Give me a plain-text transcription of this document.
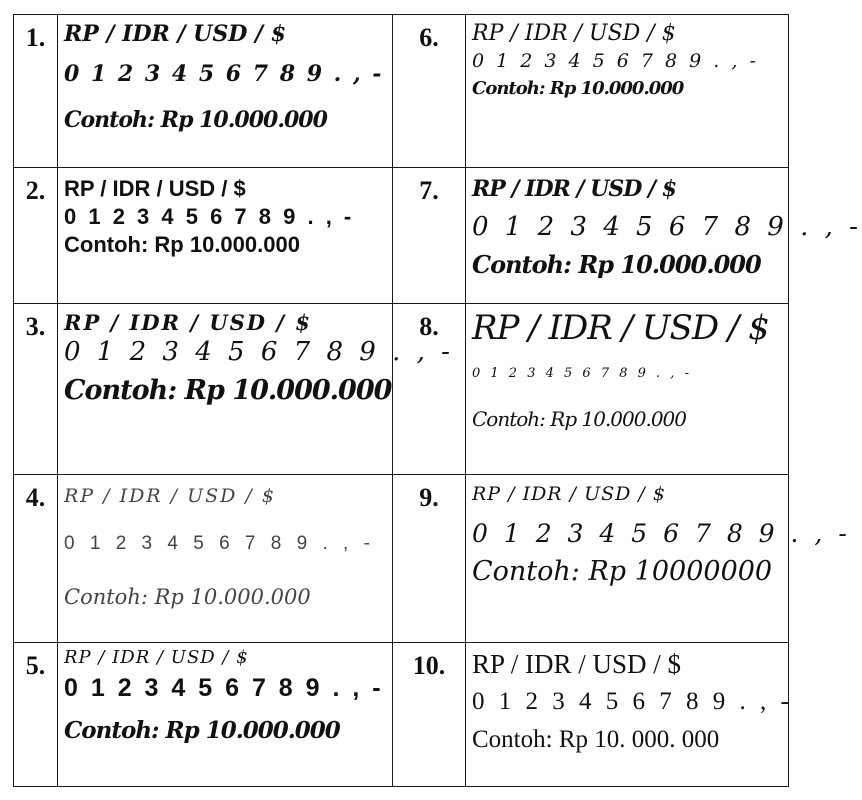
1.	RP / IDR / USD / $
0 1 2 3 4 5 6 7 8 9 . , -
Contoh: Rp 10.000.000	6.	RP / IDR / USD / $
0 1 2 3 4 5 6 7 8 9 . , -
Contoh: Rp 10.000.000

2.	RP / IDR / USD / $
0 1 2 3 4 5 6 7 8 9 . , -
Contoh: Rp 10.000.000	7.	RP / IDR / USD / $
0 1 2 3 4 5 6 7 8 9 . , -
Contoh: Rp 10.000.000

3.	RP / IDR / USD / $
0 1 2 3 4 5 6 7 8 9 . , -
Contoh: Rp 10.000.000	8.	RP / IDR / USD / $
0 1 2 3 4 5 6 7 8 9 . , -
Contoh: Rp 10.000.000

4.	RP / IDR / USD / $
0 1 2 3 4 5 6 7 8 9 . , -
Contoh: Rp 10.000.000	9.	RP / IDR / USD / $
0 1 2 3 4 5 6 7 8 9 . , -
Contoh: Rp 10000000

5.	RP / IDR / USD / $
0 1 2 3 4 5 6 7 8 9 . , -
Contoh: Rp 10.000.000	10.	RP / IDR / USD / $
0 1 2 3 4 5 6 7 8 9 . , -
Contoh: Rp 10. 000. 000
